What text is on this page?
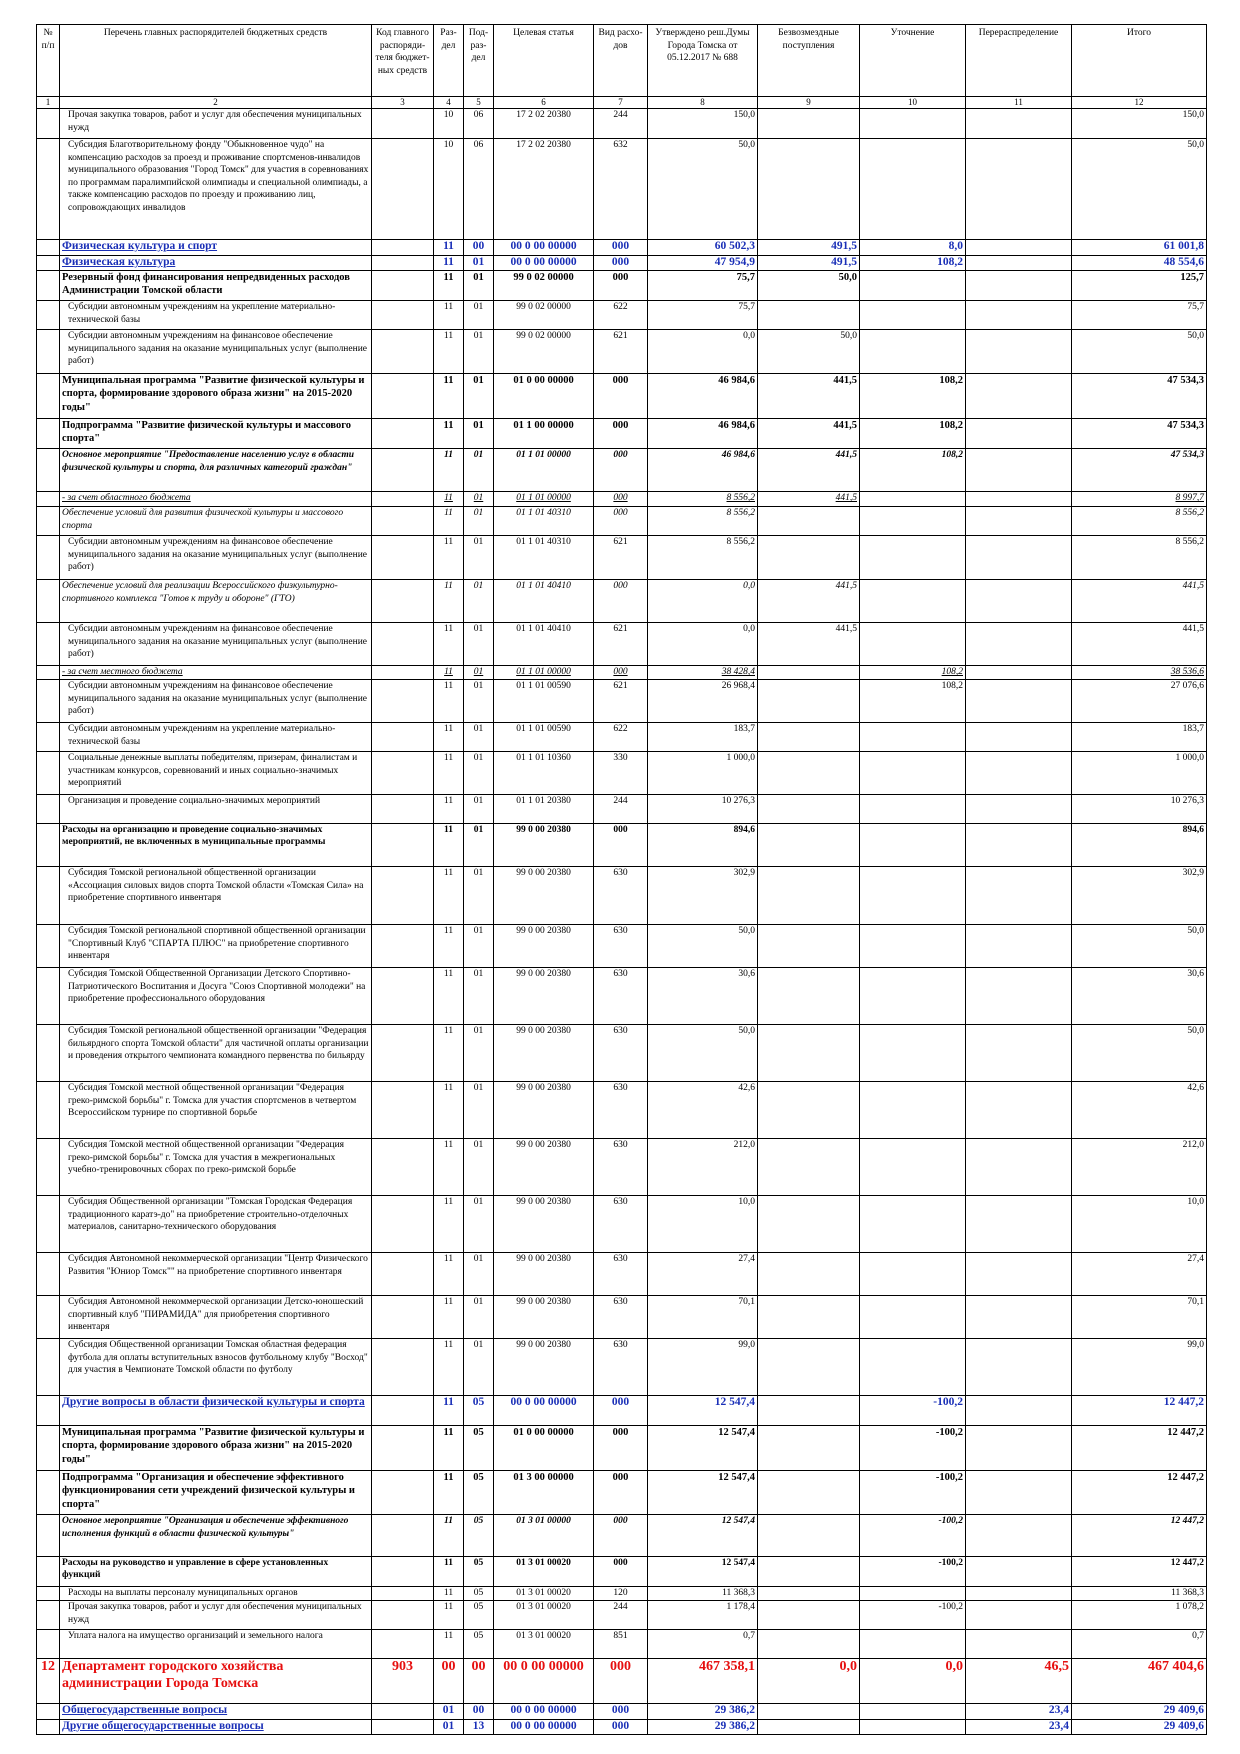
№ п/п	Перечень главных распорядителей бюджетных средств	Код главного распоряди- теля бюджет- ных средств	Раз- дел	Под- раз- дел	Целевая статья	Вид расхо- дов	Утверждено реш.Думы Города Томска от 05.12.2017 № 688	Безвозмездные поступления	Уточнение	Перераспределение	Итого
1	2	3	4	5	6	7	8	9	10	11	12
	Прочая закупка товаров, работ и услуг для обеспечения муниципальных нужд		10	06	17 2 02 20380	244	150,0				150,0
	Субсидия Благотворительному фонду "Обыкновенное чудо" на компенсацию расходов за проезд и проживание спортсменов-инвалидов муниципального образования "Город Томск" для участия в соревнованиях по программам паралимпийской олимпиады и специальной олимпиады, а также компенсацию расходов по проезду и проживанию лиц, сопровождающих инвалидов		10	06	17 2 02 20380	632	50,0				50,0
	Физическая культура и спорт		11	00	00 0 00 00000	000	60 502,3	491,5	8,0		61 001,8
	Физическая культура		11	01	00 0 00 00000	000	47 954,9	491,5	108,2		48 554,6
	Резервный фонд финансирования непредвиденных расходов Администрации Томской области		11	01	99 0 02 00000	000	75,7	50,0			125,7
	Субсидии автономным учреждениям на укрепление материально-технической базы		11	01	99 0 02 00000	622	75,7				75,7
	Субсидии автономным учреждениям на финансовое обеспечение муниципального задания на оказание муниципальных услуг (выполнение работ)		11	01	99 0 02 00000	621	0,0	50,0			50,0
	Муниципальная программа "Развитие физической культуры и спорта, формирование здорового образа жизни" на 2015-2020 годы"		11	01	01 0 00 00000	000	46 984,6	441,5	108,2		47 534,3
	Подпрограмма "Развитие физической культуры и массового спорта"		11	01	01 1 00 00000	000	46 984,6	441,5	108,2		47 534,3
	Основное мероприятие "Предоставление населению услуг в области физической культуры и спорта, для различных категорий граждан"		11	01	01 1 01 00000	000	46 984,6	441,5	108,2		47 534,3
	- за счет областного бюджета		11	01	01 1 01 00000	000	8 556,2	441,5			8 997,7
	Обеспечение условий для развития физической культуры и массового спорта		11	01	01 1 01 40310	000	8 556,2				8 556,2
	Субсидии автономным учреждениям на финансовое обеспечение муниципального задания на оказание муниципальных услуг (выполнение работ)		11	01	01 1 01 40310	621	8 556,2				8 556,2
	Обеспечение условий для реализации Всероссийского физкультурно-спортивного комплекса "Готов к труду и обороне" (ГТО)		11	01	01 1 01 40410	000	0,0	441,5			441,5
	Субсидии автономным учреждениям на финансовое обеспечение муниципального задания на оказание муниципальных услуг (выполнение работ)		11	01	01 1 01 40410	621	0,0	441,5			441,5
	- за счет местного бюджета		11	01	01 1 01 00000	000	38 428,4		108,2		38 536,6
	Субсидии автономным учреждениям на финансовое обеспечение муниципального задания на оказание муниципальных услуг (выполнение работ)		11	01	01 1 01 00590	621	26 968,4		108,2		27 076,6
	Субсидии автономным учреждениям на укрепление материально-технической базы		11	01	01 1 01 00590	622	183,7				183,7
	Социальные денежные выплаты победителям, призерам, финалистам и участникам конкурсов, соревнований и иных социально-значимых мероприятий		11	01	01 1 01 10360	330	1 000,0				1 000,0
	Организация и проведение социально-значимых мероприятий		11	01	01 1 01 20380	244	10 276,3				10 276,3
	Расходы на организацию и проведение социально-значимых мероприятий, не включенных в муниципальные программы		11	01	99 0 00 20380	000	894,6				894,6
	Субсидия Томской региональной общественной организации «Ассоциация силовых видов спорта Томской области «Томская Сила» на приобретение спортивного инвентаря		11	01	99 0 00 20380	630	302,9				302,9
	Субсидия Томской региональной спортивной общественной организации "Спортивный Клуб "СПАРТА ПЛЮС" на приобретение спортивного инвентаря		11	01	99 0 00 20380	630	50,0				50,0
	Субсидия Томской Общественной Организации Детского Спортивно-Патриотического Воспитания и Досуга "Союз Спортивной молодежи" на приобретение профессионального оборудования		11	01	99 0 00 20380	630	30,6				30,6
	Субсидия Томской региональной общественной организации "Федерация бильярдного спорта Томской области" для частичной оплаты организации и проведения открытого чемпионата командного первенства по бильярду		11	01	99 0 00 20380	630	50,0				50,0
	Субсидия Томской местной общественной организации "Федерация греко-римской борьбы" г. Томска для участия спортсменов в четвертом Всероссийском турнире по спортивной борьбе		11	01	99 0 00 20380	630	42,6				42,6
	Субсидия Томской местной общественной организации "Федерация греко-римской борьбы" г. Томска для участия в межрегиональных учебно-тренировочных сборах по греко-римской борьбе		11	01	99 0 00 20380	630	212,0				212,0
	Субсидия Общественной организации "Томская Городская Федерация традиционного каратэ-до" на приобретение строительно-отделочных материалов, санитарно-технического оборудования		11	01	99 0 00 20380	630	10,0				10,0
	Субсидия Автономной некоммерческой организации "Центр Физического Развития "Юниор Томск"" на приобретение спортивного инвентаря		11	01	99 0 00 20380	630	27,4				27,4
	Субсидия Автономной некоммерческой организации Детско-юношеский спортивный клуб "ПИРАМИДА" для приобретения спортивного инвентаря		11	01	99 0 00 20380	630	70,1				70,1
	Субсидия Общественной организации Томская областная федерация футбола для оплаты вступительных взносов футбольному клубу "Восход" для участия в Чемпионате Томской области по футболу		11	01	99 0 00 20380	630	99,0				99,0
	Другие вопросы в области физической культуры и спорта		11	05	00 0 00 00000	000	12 547,4		-100,2		12 447,2
	Муниципальная программа "Развитие физической культуры и спорта, формирование здорового образа жизни" на 2015-2020 годы"		11	05	01 0 00 00000	000	12 547,4		-100,2		12 447,2
	Подпрограмма "Организация и обеспечение эффективного функционирования сети учреждений физической культуры и спорта"		11	05	01 3 00 00000	000	12 547,4		-100,2		12 447,2
	Основное мероприятие "Организация и обеспечение эффективного исполнения функций в области физической культуры"		11	05	01 3 01 00000	000	12 547,4		-100,2		12 447,2
	Расходы на руководство и управление в сфере установленных функций		11	05	01 3 01 00020	000	12 547,4		-100,2		12 447,2
	Расходы на выплаты персоналу муниципальных органов		11	05	01 3 01 00020	120	11 368,3				11 368,3
	Прочая закупка товаров, работ и услуг для обеспечения муниципальных нужд		11	05	01 3 01 00020	244	1 178,4		-100,2		1 078,2
	Уплата налога на имущество организаций и земельного налога		11	05	01 3 01 00020	851	0,7				0,7
12	Департамент городского хозяйства администрации Города Томска	903	00	00	00 0 00 00000	000	467 358,1	0,0	0,0	46,5	467 404,6
	Общегосударственные вопросы		01	00	00 0 00 00000	000	29 386,2			23,4	29 409,6
	Другие общегосударственные вопросы		01	13	00 0 00 00000	000	29 386,2			23,4	29 409,6
